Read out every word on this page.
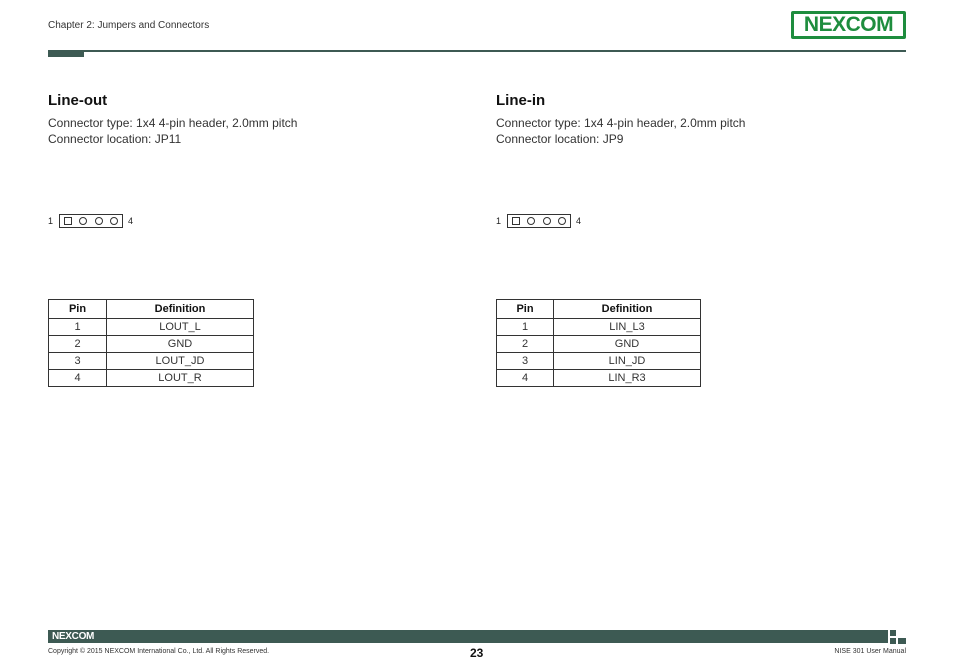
Chapter 2: Jumpers and Connectors	NEXCOM
Line-out
Connector type: 1x4 4-pin header, 2.0mm pitch
Connector location: JP11
1	4
Pin	Definition
1	LOUT_L
2	GND
3	LOUT_JD
4	LOUT_R
Line-in
Connector type: 1x4 4-pin header, 2.0mm pitch
Connector location: JP9
1	4
Pin	Definition
1	LIN_L3
2	GND
3	LIN_JD
4	LIN_R3
NEXCOM
Copyright © 2015 NEXCOM International Co., Ltd. All Rights Reserved.	23	NISE 301 User Manual
